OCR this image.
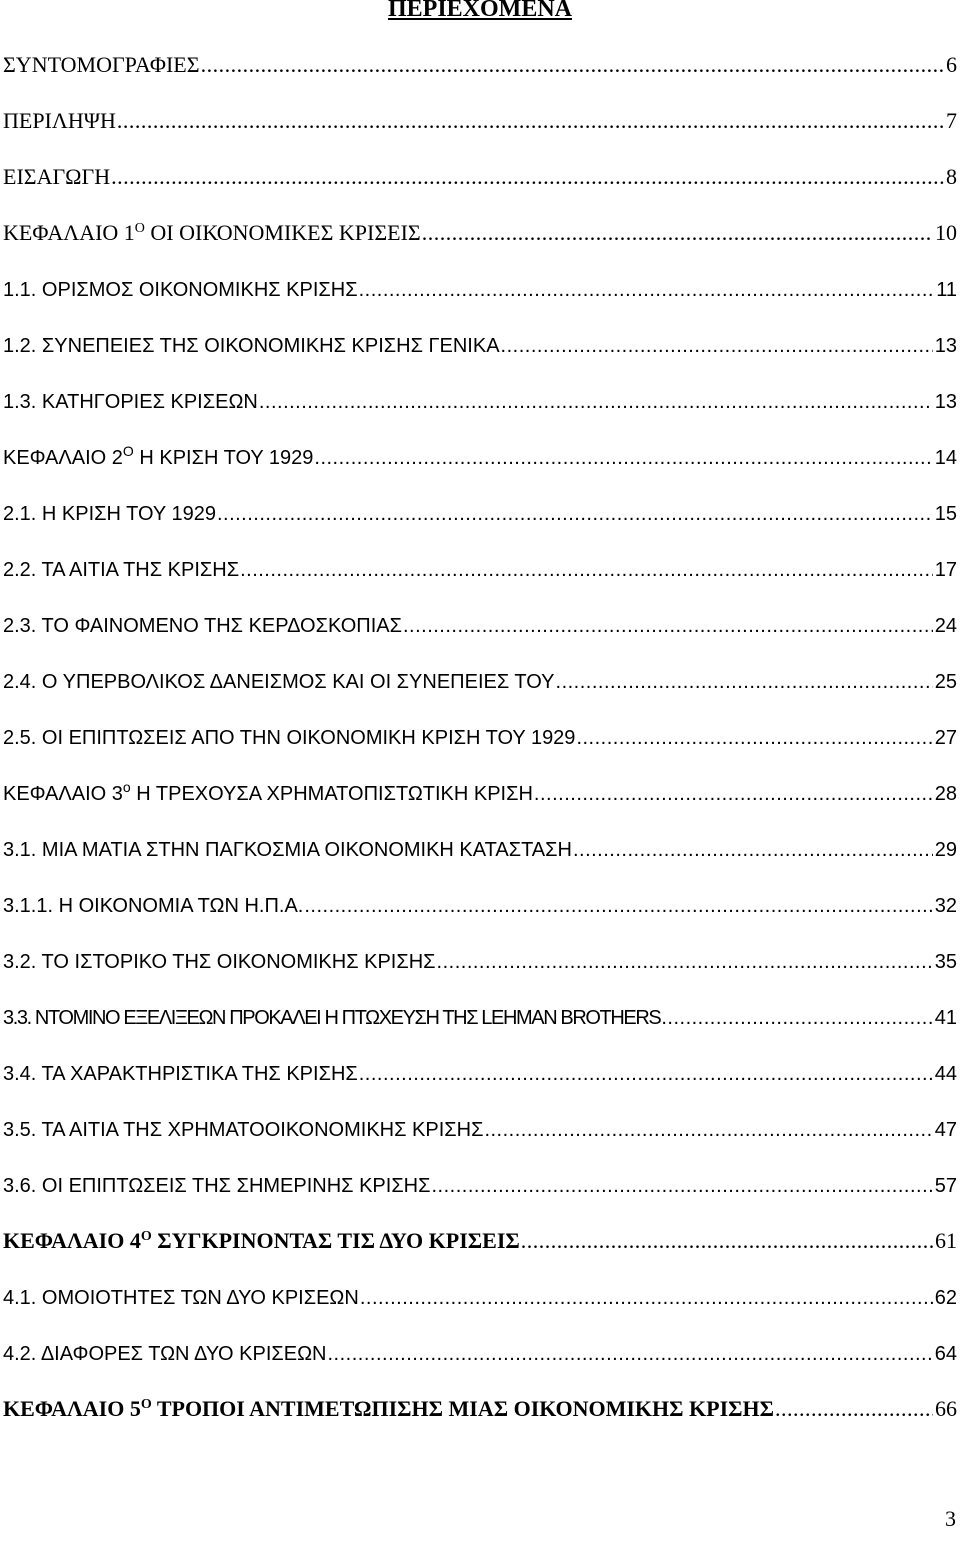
ΠΕΡΙΕΧΟΜΕΝΑ
ΣΥΝΤΟΜΟΓΡΑΦΙΕΣ .....	6
ΠΕΡΙΛΗΨΗ .....	7
ΕΙΣΑΓΩΓΗ .....	8
ΚΕΦΑΛΑΙΟ $1^O$ ΟΙ ΟΙΚΟΝΟΜΙΚΕΣ ΚΡΙΣΕΙΣ .....	10
1.1. ΟΡΙΣΜΟΣ ΟΙΚΟΝΟΜΙΚΗΣ ΚΡΙΣΗΣ .....	11
1.2. ΣΥΝΕΠΕΙΕΣ ΤΗΣ ΟΙΚΟΝΟΜΙΚΗΣ ΚΡΙΣΗΣ ΓΕΝΙΚΑ .....	13
1.3. ΚΑΤΗΓΟΡΙΕΣ ΚΡΙΣΕΩΝ .....	13
ΚΕΦΑΛΑΙΟ $2^O$ Η ΚΡΙΣΗ ΤΟΥ 1929 .....	14
2.1. Η ΚΡΙΣΗ ΤΟΥ 1929 .....	15
2.2. ΤΑ ΑΙΤΙΑ ΤΗΣ ΚΡΙΣΗΣ .....	17
2.3. ΤΟ ΦΑΙΝΟΜΕΝΟ ΤΗΣ ΚΕΡΔΟΣΚΟΠΙΑΣ .....	24
2.4. Ο ΥΠΕΡΒΟΛΙΚΟΣ ΔΑΝΕΙΣΜΟΣ ΚΑΙ ΟΙ ΣΥΝΕΠΕΙΕΣ ΤΟΥ .....	25
2.5. ΟΙ ΕΠΙΠΤΩΣΕΙΣ ΑΠΟ ΤΗΝ ΟΙΚΟΝΟΜΙΚΗ ΚΡΙΣΗ ΤΟΥ 1929 .....	27
ΚΕΦΑΛΑΙΟ $3^o$ Η ΤΡΕΧΟΥΣΑ ΧΡΗΜΑΤΟΠΙΣΤΩΤΙΚΗ ΚΡΙΣΗ .....	28
3.1. ΜΙΑ ΜΑΤΙΑ ΣΤΗΝ ΠΑΓΚΟΣΜΙΑ ΟΙΚΟΝΟΜΙΚΗ ΚΑΤΑΣΤΑΣΗ .....	29
3.1.1. Η ΟΙΚΟΝΟΜΙΑ ΤΩΝ Η.Π.Α. .....	32
3.2. ΤΟ ΙΣΤΟΡΙΚΟ ΤΗΣ ΟΙΚΟΝΟΜΙΚΗΣ ΚΡΙΣΗΣ .....	35
3.3. ΝΤΟΜΙΝΟ ΕΞΕΛΙΞΕΩΝ ΠΡΟΚΑΛΕΙ Η ΠΤΩΧΕΥΣΗ ΤΗΣ LEHMAN BROTHERS .....	41
3.4. ΤΑ ΧΑΡΑΚΤΗΡΙΣΤΙΚΑ ΤΗΣ ΚΡΙΣΗΣ .....	44
3.5. ΤΑ ΑΙΤΙΑ ΤΗΣ ΧΡΗΜΑΤΟΟΙΚΟΝΟΜΙΚΗΣ ΚΡΙΣΗΣ .....	47
3.6. ΟΙ ΕΠΙΠΤΩΣΕΙΣ ΤΗΣ ΣΗΜΕΡΙΝΗΣ ΚΡΙΣΗΣ .....	57
ΚΕΦΑΛΑΙΟ $4^O$ ΣΥΓΚΡΙΝΟΝΤΑΣ ΤΙΣ ΔΥΟ ΚΡΙΣΕΙΣ .....	61
4.1. ΟΜΟΙΟΤΗΤΕΣ ΤΩΝ ΔΥΟ ΚΡΙΣΕΩΝ .....	62
4.2. ΔΙΑΦΟΡΕΣ ΤΩΝ ΔΥΟ ΚΡΙΣΕΩΝ .....	64
ΚΕΦΑΛΑΙΟ $5^O$ ΤΡΟΠΟΙ ΑΝΤΙΜΕΤΩΠΙΣΗΣ ΜΙΑΣ ΟΙΚΟΝΟΜΙΚΗΣ ΚΡΙΣΗΣ .....	66
3
